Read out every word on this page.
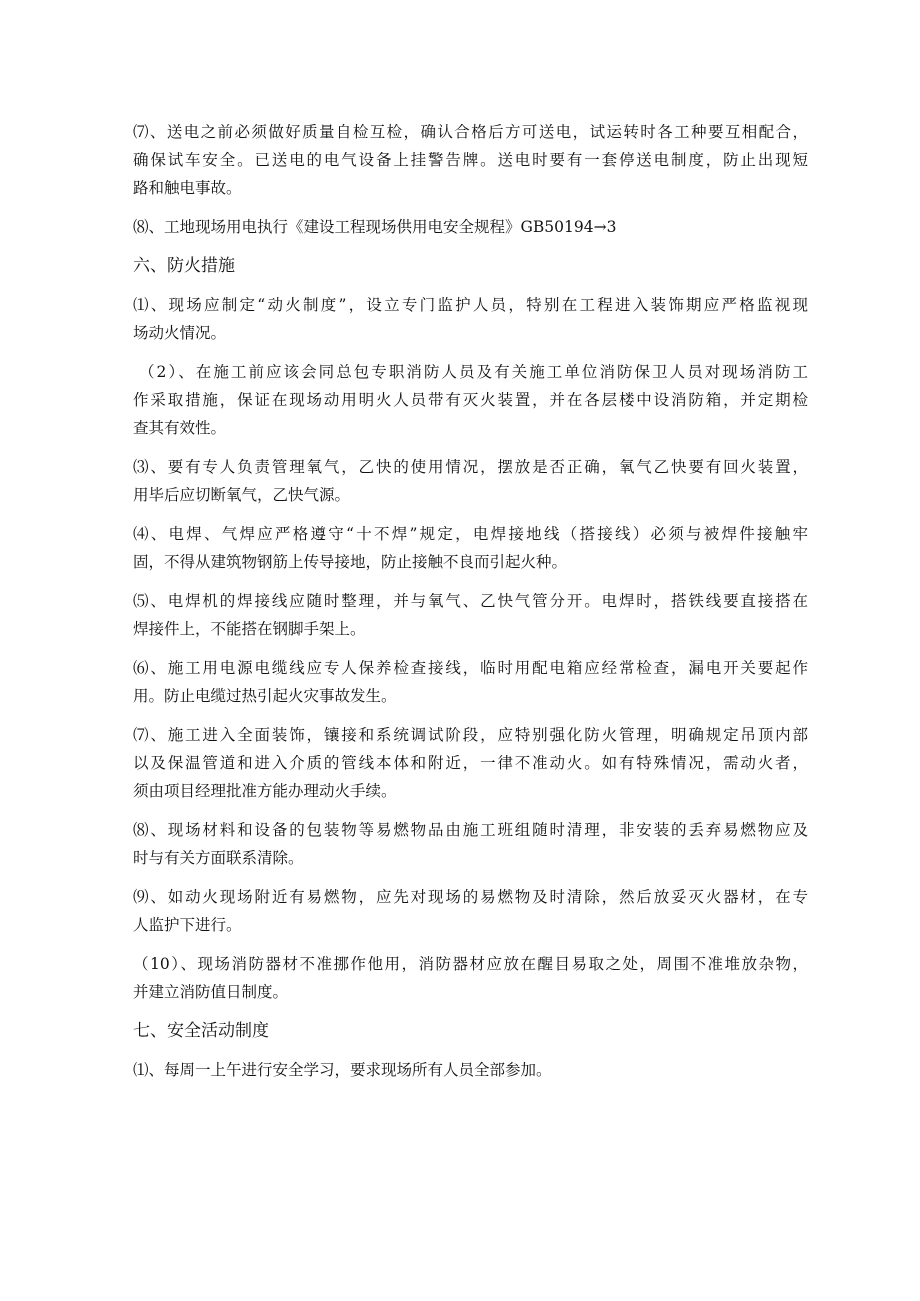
⑺、送电之前必须做好质量自检互检，确认合格后方可送电，试运转时各工种要互相配合，
确保试车安全。已送电的电气设备上挂警告牌。送电时要有一套停送电制度，防止出现短
路和触电事故。
⑻、工地现场用电执行《建设工程现场供用电安全规程》GB50194→3
六、防火措施
⑴、现场应制定“动火制度”，设立专门监护人员，特别在工程进入装饰期应严格监视现
场动火情况。
（2）、在施工前应该会同总包专职消防人员及有关施工单位消防保卫人员对现场消防工
作采取措施，保证在现场动用明火人员带有灭火装置，并在各层楼中设消防箱，并定期检
查其有效性。
⑶、要有专人负责管理氧气，乙快的使用情况，摆放是否正确，氧气乙快要有回火装置，
用毕后应切断氧气，乙快气源。
⑷、电焊、气焊应严格遵守“十不焊”规定，电焊接地线（搭接线）必须与被焊件接触牢
固，不得从建筑物钢筋上传导接地，防止接触不良而引起火种。
⑸、电焊机的焊接线应随时整理，并与氧气、乙快气管分开。电焊时，搭铁线要直接搭在
焊接件上，不能搭在钢脚手架上。
⑹、施工用电源电缆线应专人保养检查接线，临时用配电箱应经常检查，漏电开关要起作
用。防止电缆过热引起火灾事故发生。
⑺、施工进入全面装饰，镶接和系统调试阶段，应特别强化防火管理，明确规定吊顶内部
以及保温管道和进入介质的管线本体和附近，一律不准动火。如有特殊情况，需动火者，
须由项目经理批准方能办理动火手续。
⑻、现场材料和设备的包装物等易燃物品由施工班组随时清理，非安装的丢弃易燃物应及
时与有关方面联系清除。
⑼、如动火现场附近有易燃物，应先对现场的易燃物及时清除，然后放妥灭火器材，在专
人监护下进行。
（10）、现场消防器材不准挪作他用，消防器材应放在醒目易取之处，周围不准堆放杂物，
并建立消防值日制度。
七、安全活动制度
⑴、每周一上午进行安全学习，要求现场所有人员全部参加。
